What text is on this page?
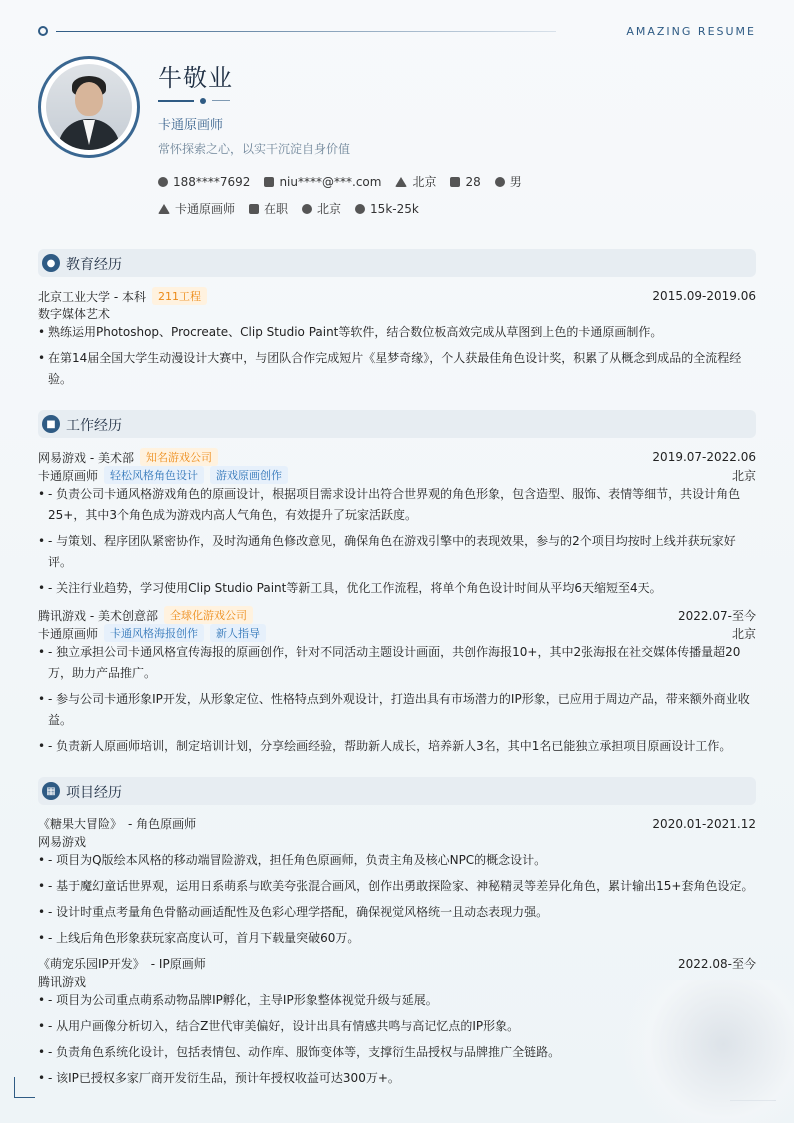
AMAZING RESUME
牛敬业
卡通原画师
常怀探索之心，以实干沉淀自身价值
188****7692 niu****@***.com	北京 28 男
卡通原画师 在职 北京 15k-25k
● 教育经历
北京工业大学 - 本科	211工程	2015.09-2019.06
数字媒体艺术
• 熟练运用Photoshop、Procreate、Clip Studio Paint等软件，结合数位板高效完成从草图到上色的卡通原画制作。
• 在第14届全国大学生动漫设计大赛中，与团队合作完成短片《星梦奇缘》，个人获最佳角色设计奖，积累了从概念到成品的全流程经验。
■ 工作经历
网易游戏 - 美术部	知名游戏公司	2019.07-2022.06
卡通原画师	轻松风格角色设计	游戏原画创作	北京
• - 负责公司卡通风格游戏角色的原画设计，根据项目需求设计出符合世界观的角色形象，包含造型、服饰、表情等细节，共设计角色25+，其中3个角色成为游戏内高人气角色，有效提升了玩家活跃度。
• - 与策划、程序团队紧密协作，及时沟通角色修改意见，确保角色在游戏引擎中的表现效果，参与的2个项目均按时上线并获玩家好评。
• - 关注行业趋势，学习使用Clip Studio Paint等新工具，优化工作流程，将单个角色设计时间从平均6天缩短至4天。
腾讯游戏 - 美术创意部	全球化游戏公司	2022.07-至今
卡通原画师	卡通风格海报创作	新人指导	北京
• - 独立承担公司卡通风格宣传海报的原画创作，针对不同活动主题设计画面，共创作海报10+，其中2张海报在社交媒体传播量超20万，助力产品推广。
• - 参与公司卡通形象IP开发，从形象定位、性格特点到外观设计，打造出具有市场潜力的IP形象，已应用于周边产品，带来额外商业收益。
• - 负责新人原画师培训，制定培训计划，分享绘画经验，帮助新人成长，培养新人3名，其中1名已能独立承担项目原画设计工作。
▦ 项目经历
《糖果大冒险》 - 角色原画师	2020.01-2021.12
网易游戏
• - 项目为Q版绘本风格的移动端冒险游戏，担任角色原画师，负责主角及核心NPC的概念设计。
• - 基于魔幻童话世界观，运用日系萌系与欧美夸张混合画风，创作出勇敢探险家、神秘精灵等差异化角色，累计输出15+套角色设定。
• - 设计时重点考量角色骨骼动画适配性及色彩心理学搭配，确保视觉风格统一且动态表现力强。
• - 上线后角色形象获玩家高度认可，首月下载量突破60万。
《萌宠乐园IP开发》 - IP原画师	2022.08-至今
腾讯游戏
• - 项目为公司重点萌系动物品牌IP孵化，主导IP形象整体视觉升级与延展。
• - 从用户画像分析切入，结合Z世代审美偏好，设计出具有情感共鸣与高记忆点的IP形象。
• - 负责角色系统化设计，包括表情包、动作库、服饰变体等，支撑衍生品授权与品牌推广全链路。
• - 该IP已授权多家厂商开发衍生品，预计年授权收益可达300万+。
